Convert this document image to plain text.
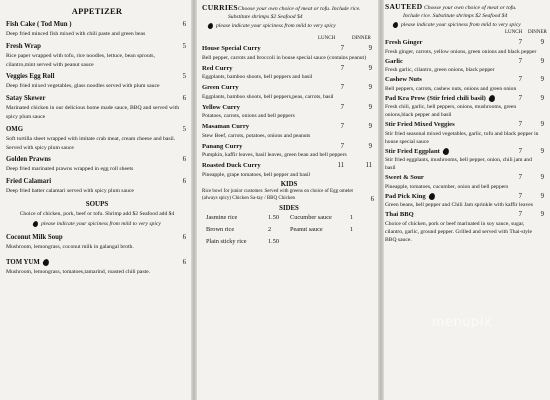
APPETIZER
Fish Cake ( Tod Mun )	6
Deep fried minced fish mixed with chili paste and green beas
Fresh Wrap	5
Rice paper wrapped with tofu, rice noodles, lettuce, bean sprouts, cilantro,mint served with peanut sauce
Veggies Egg Roll	5
Deep fried mixed vegetables, glass noodles served with plum sauce
Satay Skewer	6
Marinated chicken in our delicious home made sauce, BBQ and served with spicy plum sauce
OMG	5
Soft tortilla sheet wrapped with imitate crab meat, cream cheese and basil. Served with spicy plum sauce
Golden Prawns	6
Deep fried marinated prawns wrapped in egg roll sheets
Fried Calamari	6
Deep fried batter calamari served with spicy plum sauce
SOUPS
Choice of chicken, pork, beef or tofu. Shrimp add $2 Seafood add $4
please indicate your spiciness from mild to very spicy
Coconut Milk Soup	6
Mushroom, lemongrass, coconut milk in galangal broth.
TOM YUM	6
Mushroom, lemongrass, tomatoes,tamarind, roasted chili paste.
CURRIESChoose your own choice of meat or tofu. Include rice.
Substitute shrimps $2 Seafood $4
please indicate your spiciness from mild to very spicy
LUNCH	DINNER
House Special Curry	7	9
Bell pepper, carrots and broccoli in house special sauce (contains peanut)
Red Curry	7	9
Eggplants, bamboo shoots, bell peppers and basil
Green Curry	7	9
Eggplants, bamboo shoots, bell peppers,peas, carrots, basil
Yellow Curry	7	9
Potatoes, carrots, onions and bell peppers
Masaman Curry	7	9
Stew Beef, carrots, potatoes, onions and peanuts
Panang Curry	7	9
Pumpkin, kaffir leaves, basil leaves, green bean and bell peppers
Roasted Duck Curry	11	11
Pineapple, grape tomatoes, bell pepper and basil
KIDS
Rice bowl for junior customer. Served with greens on choice of Egg omelet (always spicy) Chicken Sa-tay / BBQ Chicken	6
SIDES
Jasmine rice	1.50	Cucumber sauce	1
Brown rice	2	Peanut sauce	1
Plain sticky rice	1.50
SAUTEED Choose your own choice of meat or tofu.
Include rice. Substitute shrimps $2 Seafood $4
please indicate your spiciness from mild to very spicy
LUNCH DINNER
Fresh Ginger	7	9
Fresh ginger, carrots, yellow onions, green onions and black pepper
Garlic	7	9
Fresh garlic, cilantro, green onions, black pepper
Cashew Nuts	7	9
Bell peppers, carrots, cashew nuts, onions and green onion
Pad Kra Prow (Stir fried chili basil)	7	9
Fresh chili, garlic, bell peppers, onions, mushrooms, green onions,black pepper and basil
Stir Fried Mixed Veggies	7	9
Stir fried seasonal mixed vegetables, garlic, tofu and black pepper in house special sauce
Stir Fried Eggplant	7	9
Stir fried eggplants, mushrooms, bell pepper, onion, chili jam and basil
Sweet & Sour	7	9
Pineapple, tomatoes, cucumber, onion and bell peppers
Pad Pick King	7	9
Green beans, bell pepper and Chili Jam sprinkle with kaffir leaves
Thai BBQ	7	9
Choice of chicken, pork or beef marinated in soy sauce, sugar, cilantro, garlic, ground pepper. Grilled and served with Thai-style BBQ sauce.
menupix
